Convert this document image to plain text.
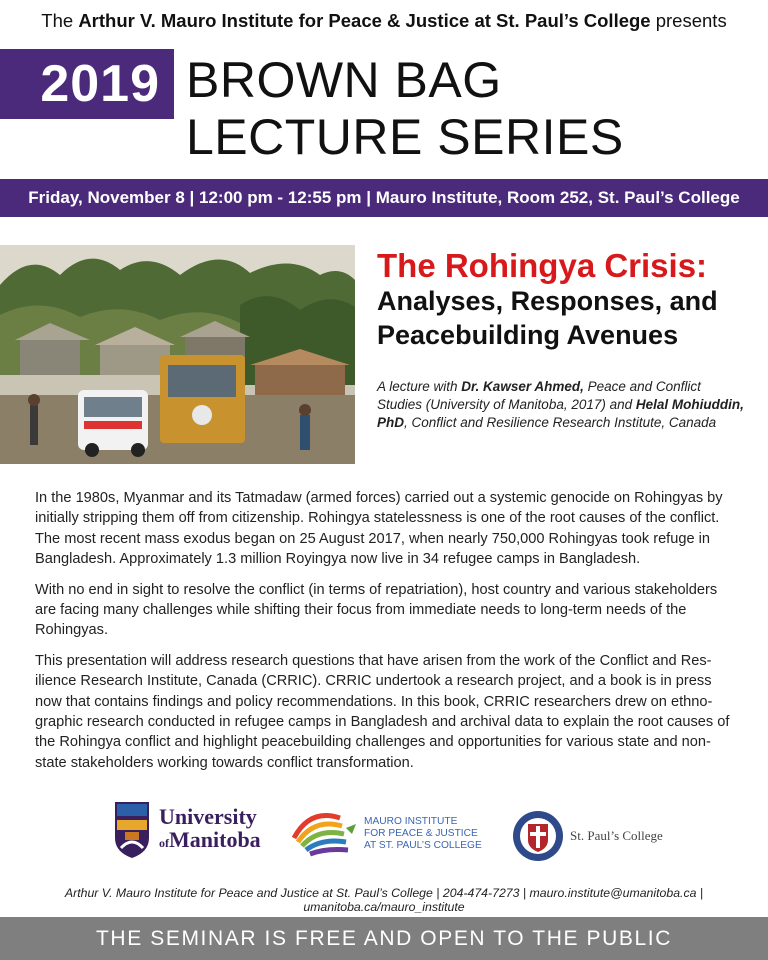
The Arthur V. Mauro Institute for Peace & Justice at St. Paul’s College presents
2019 BROWN BAG
LECTURE SERIES
Friday, November 8 | 12:00 pm - 12:55 pm | Mauro Institute, Room 252, St. Paul’s College
The Rohingya Crisis:
Analyses, Responses, and Peacebuilding Avenues
A lecture with Dr. Kawser Ahmed, Peace and Conflict Studies (University of Manitoba, 2017) and Helal Mohiuddin, PhD, Conflict and Resilience Research Institute, Canada

In the 1980s, Myanmar and its Tatmadaw (armed forces) carried out a systemic genocide on Rohingyas by initially stripping them off from citizenship. Rohingya statelessness is one of the root causes of the conflict. The most recent mass exodus began on 25 August 2017, when nearly 750,000 Rohingyas took refuge in Bangladesh. Approximately 1.3 million Royingya now live in 34 refugee camps in Bangladesh.

With no end in sight to resolve the conflict (in terms of repatriation), host country and various stakeholders are facing many challenges while shifting their focus from immediate needs to long-term needs of the Rohingyas.

This presentation will address research questions that have arisen from the work of the Conflict and Resilience Research Institute, Canada (CRRIC). CRRIC undertook a research project, and a book is in press now that contains findings and policy recommendations. In this book, CRRIC researchers drew on ethnographic research conducted in refugee camps in Bangladesh and archival data to explain the root causes of the Rohingya conflict and highlight peacebuilding challenges and opportunities for various state and non-state stakeholders working towards conflict transformation.

University
ofManitoba
MAURO INSTITUTE
FOR PEACE & JUSTICE
AT ST. PAUL’S COLLEGE
St. Paul’s College
Arthur V. Mauro Institute for Peace and Justice at St. Paul’s College | 204-474-7273 | mauro.institute@umanitoba.ca | umanitoba.ca/mauro_institute
THE SEMINAR IS FREE AND OPEN TO THE PUBLIC
